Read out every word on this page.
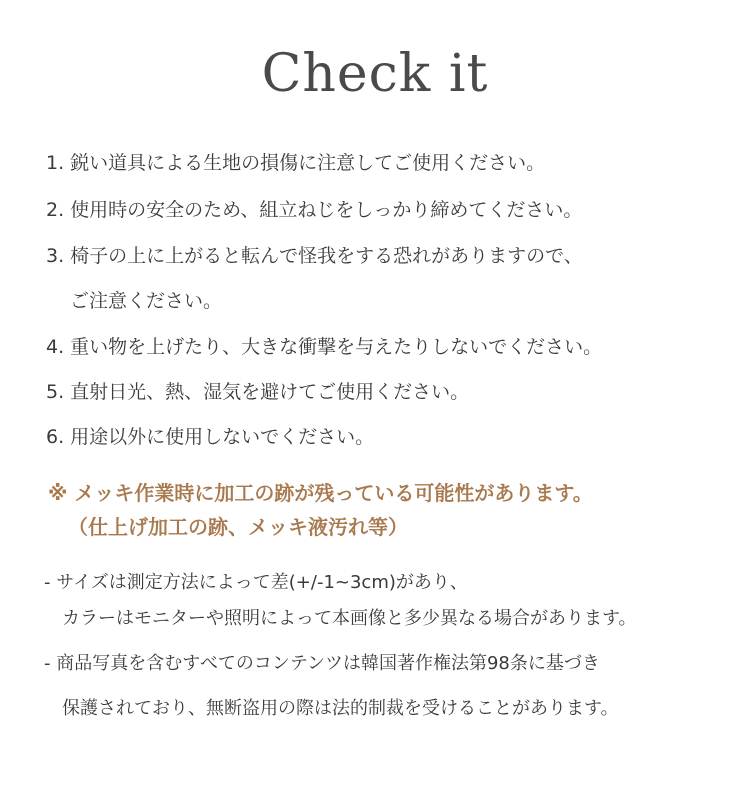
Check it
1. 鋭い道具による生地の損傷に注意してご使用ください。
2. 使用時の安全のため、組立ねじをしっかり締めてください。
3. 椅子の上に上がると転んで怪我をする恐れがありますので、
ご注意ください。
4. 重い物を上げたり、大きな衝撃を与えたりしないでください。
5. 直射日光、熱、湿気を避けてご使用ください。
6. 用途以外に使用しないでください。
※ メッキ作業時に加工の跡が残っている可能性があります。
（仕上げ加工の跡、メッキ液汚れ等）
- サイズは測定方法によって差(+/-1~3cm)があり、
カラーはモニターや照明によって本画像と多少異なる場合があります。
- 商品写真を含むすべてのコンテンツは韓国著作権法第98条に基づき
保護されており、無断盗用の際は法的制裁を受けることがあります。
